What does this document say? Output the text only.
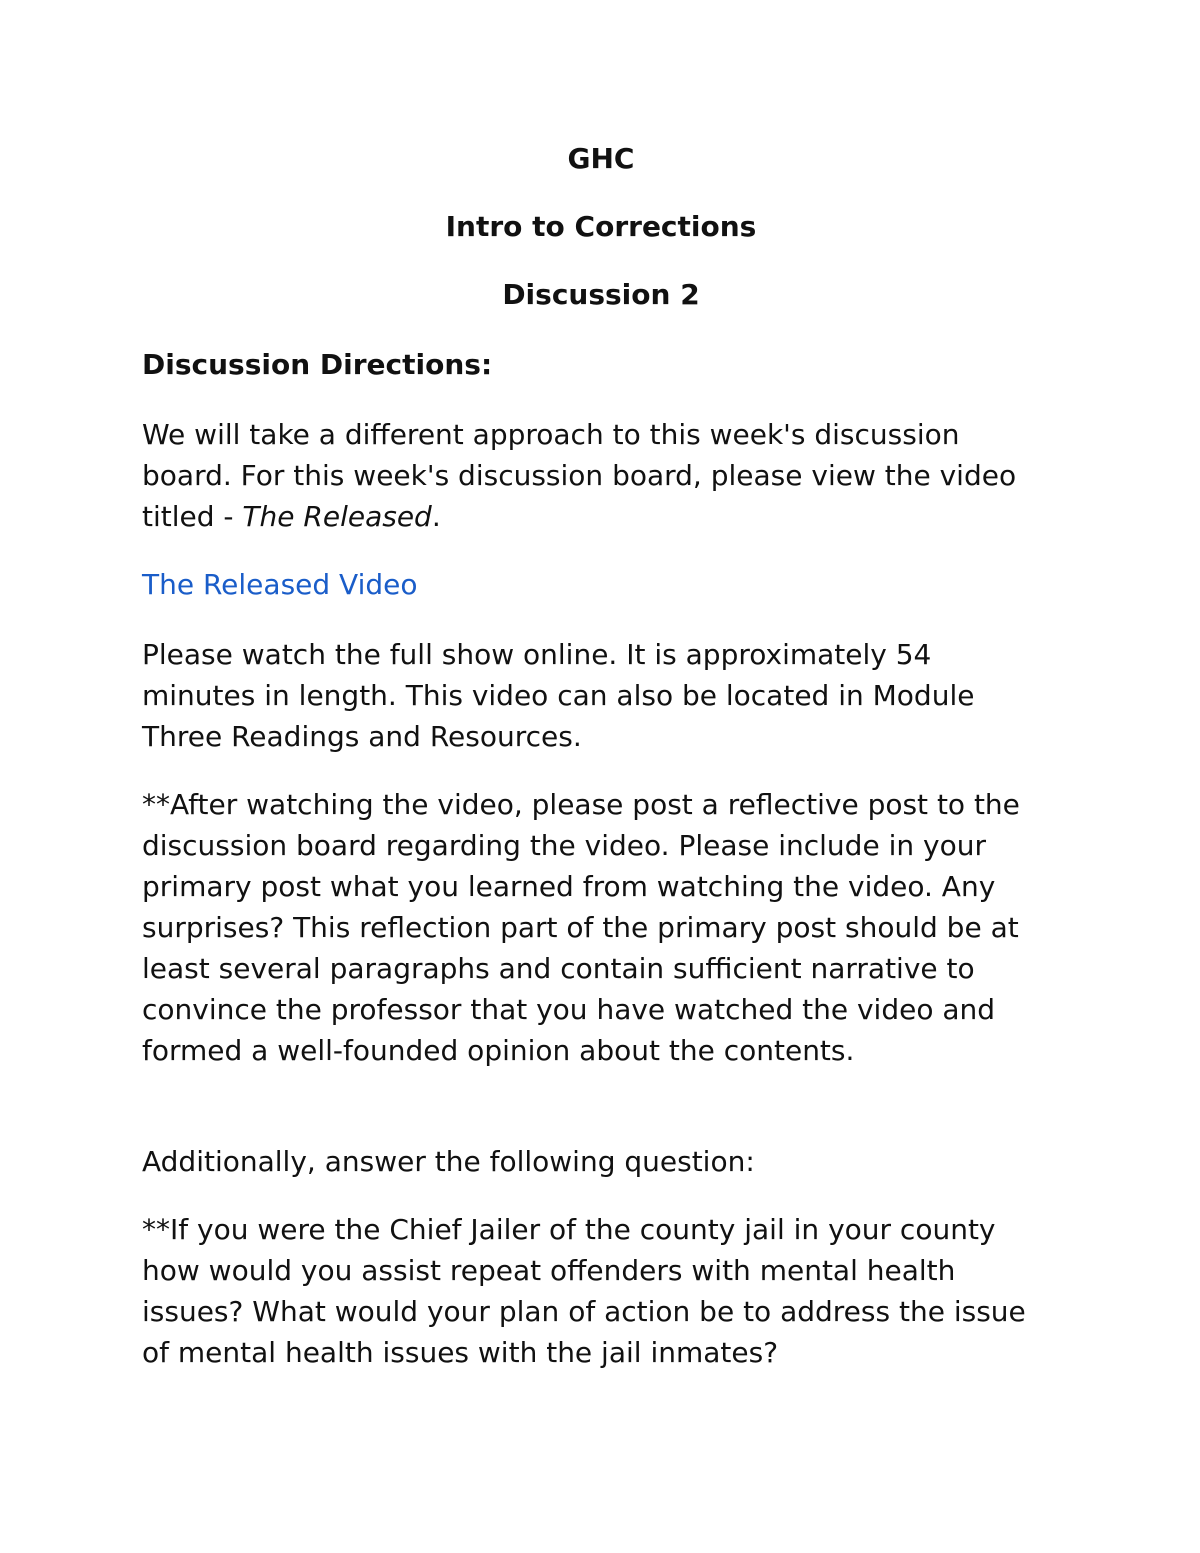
GHC

Intro to Corrections

Discussion 2

Discussion Directions:

We will take a different approach to this week's discussion board. For this week's discussion board, please view the video titled - The Released.

The Released Video

Please watch the full show online. It is approximately 54 minutes in length. This video can also be located in Module Three Readings and Resources.

**After watching the video, please post a reflective post to the discussion board regarding the video. Please include in your primary post what you learned from watching the video. Any surprises? This reflection part of the primary post should be at least several paragraphs and contain sufficient narrative to convince the professor that you have watched the video and formed a well-founded opinion about the contents.

Additionally, answer the following question:

**If you were the Chief Jailer of the county jail in your county how would you assist repeat offenders with mental health issues? What would your plan of action be to address the issue of mental health issues with the jail inmates?
